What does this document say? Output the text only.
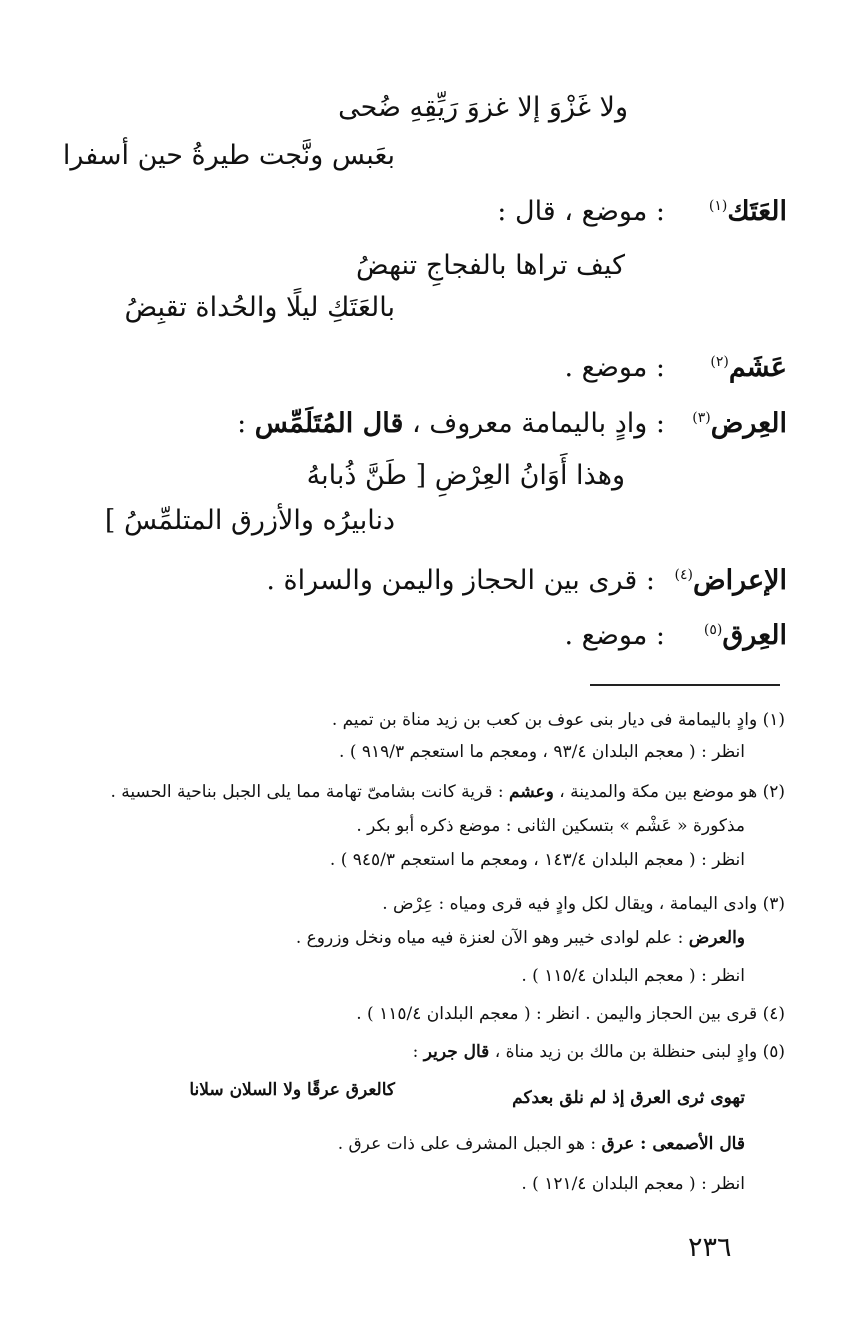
ولا غَزْوَ إلا غزوَ رَيِّقِهِ ضُحى
بعَبس ونَّجت طيرةُ حين أسفرا
العَتَك$^{(١)}$
: موضع ، قال :
كيف تراها بالفجاجِ تنهضُ
بالعَتَكِ ليلًا والحُداة تقبِضُ
عَشَم$^{(٢)}$
: موضع .
العِرض$^{(٣)}$
: وادٍ باليمامة معروف ، قال المُتَلَمِّس :
وهذا أَوَانُ العِرْضِ [ طَنَّ ذُبابهُ
دنابيرُه والأزرق المتلمِّسُ ]
الإعراض$^{(٤)}$
: قرى بين الحجاز واليمن والسراة .
العِرق$^{(٥)}$
: موضع .
(١) وادٍ باليمامة فى ديار بنى عوف بن كعب بن زيد مناة بن تميم .
انظر : ( معجم البلدان ٩٣/٤ ، ومعجم ما استعجم ٩١٩/٣ ) .
(٢) هو موضع بين مكة والمدينة ، وعشم : قرية كانت بشامىّ تهامة مما يلى الجبل بناحية الحسية .
مذكورة « عَشْم » بتسكين الثانى : موضع ذكره أبو بكر .
انظر : ( معجم البلدان ١٤٣/٤ ، ومعجم ما استعجم ٩٤٥/٣ ) .
(٣) وادى اليمامة ، ويقال لكل وادٍ فيه قرى ومياه : عِرْض .
والعرض : علم لوادى خيبر وهو الآن لعنزة فيه مياه ونخل وزروع .
انظر : ( معجم البلدان ١١٥/٤ ) .
(٤) قرى بين الحجاز واليمن . انظر : ( معجم البلدان ١١٥/٤ ) .
(٥) وادٍ لبنى حنظلة بن مالك بن زيد مناة ، قال جرير :
تهوى ثرى العرق إذ لم نلق بعدكم
كالعرق عرقًا ولا السلان سلانا
قال الأصمعى : عرق : هو الجبل المشرف على ذات عرق .
انظر : ( معجم البلدان ١٢١/٤ ) .
٢٣٦
